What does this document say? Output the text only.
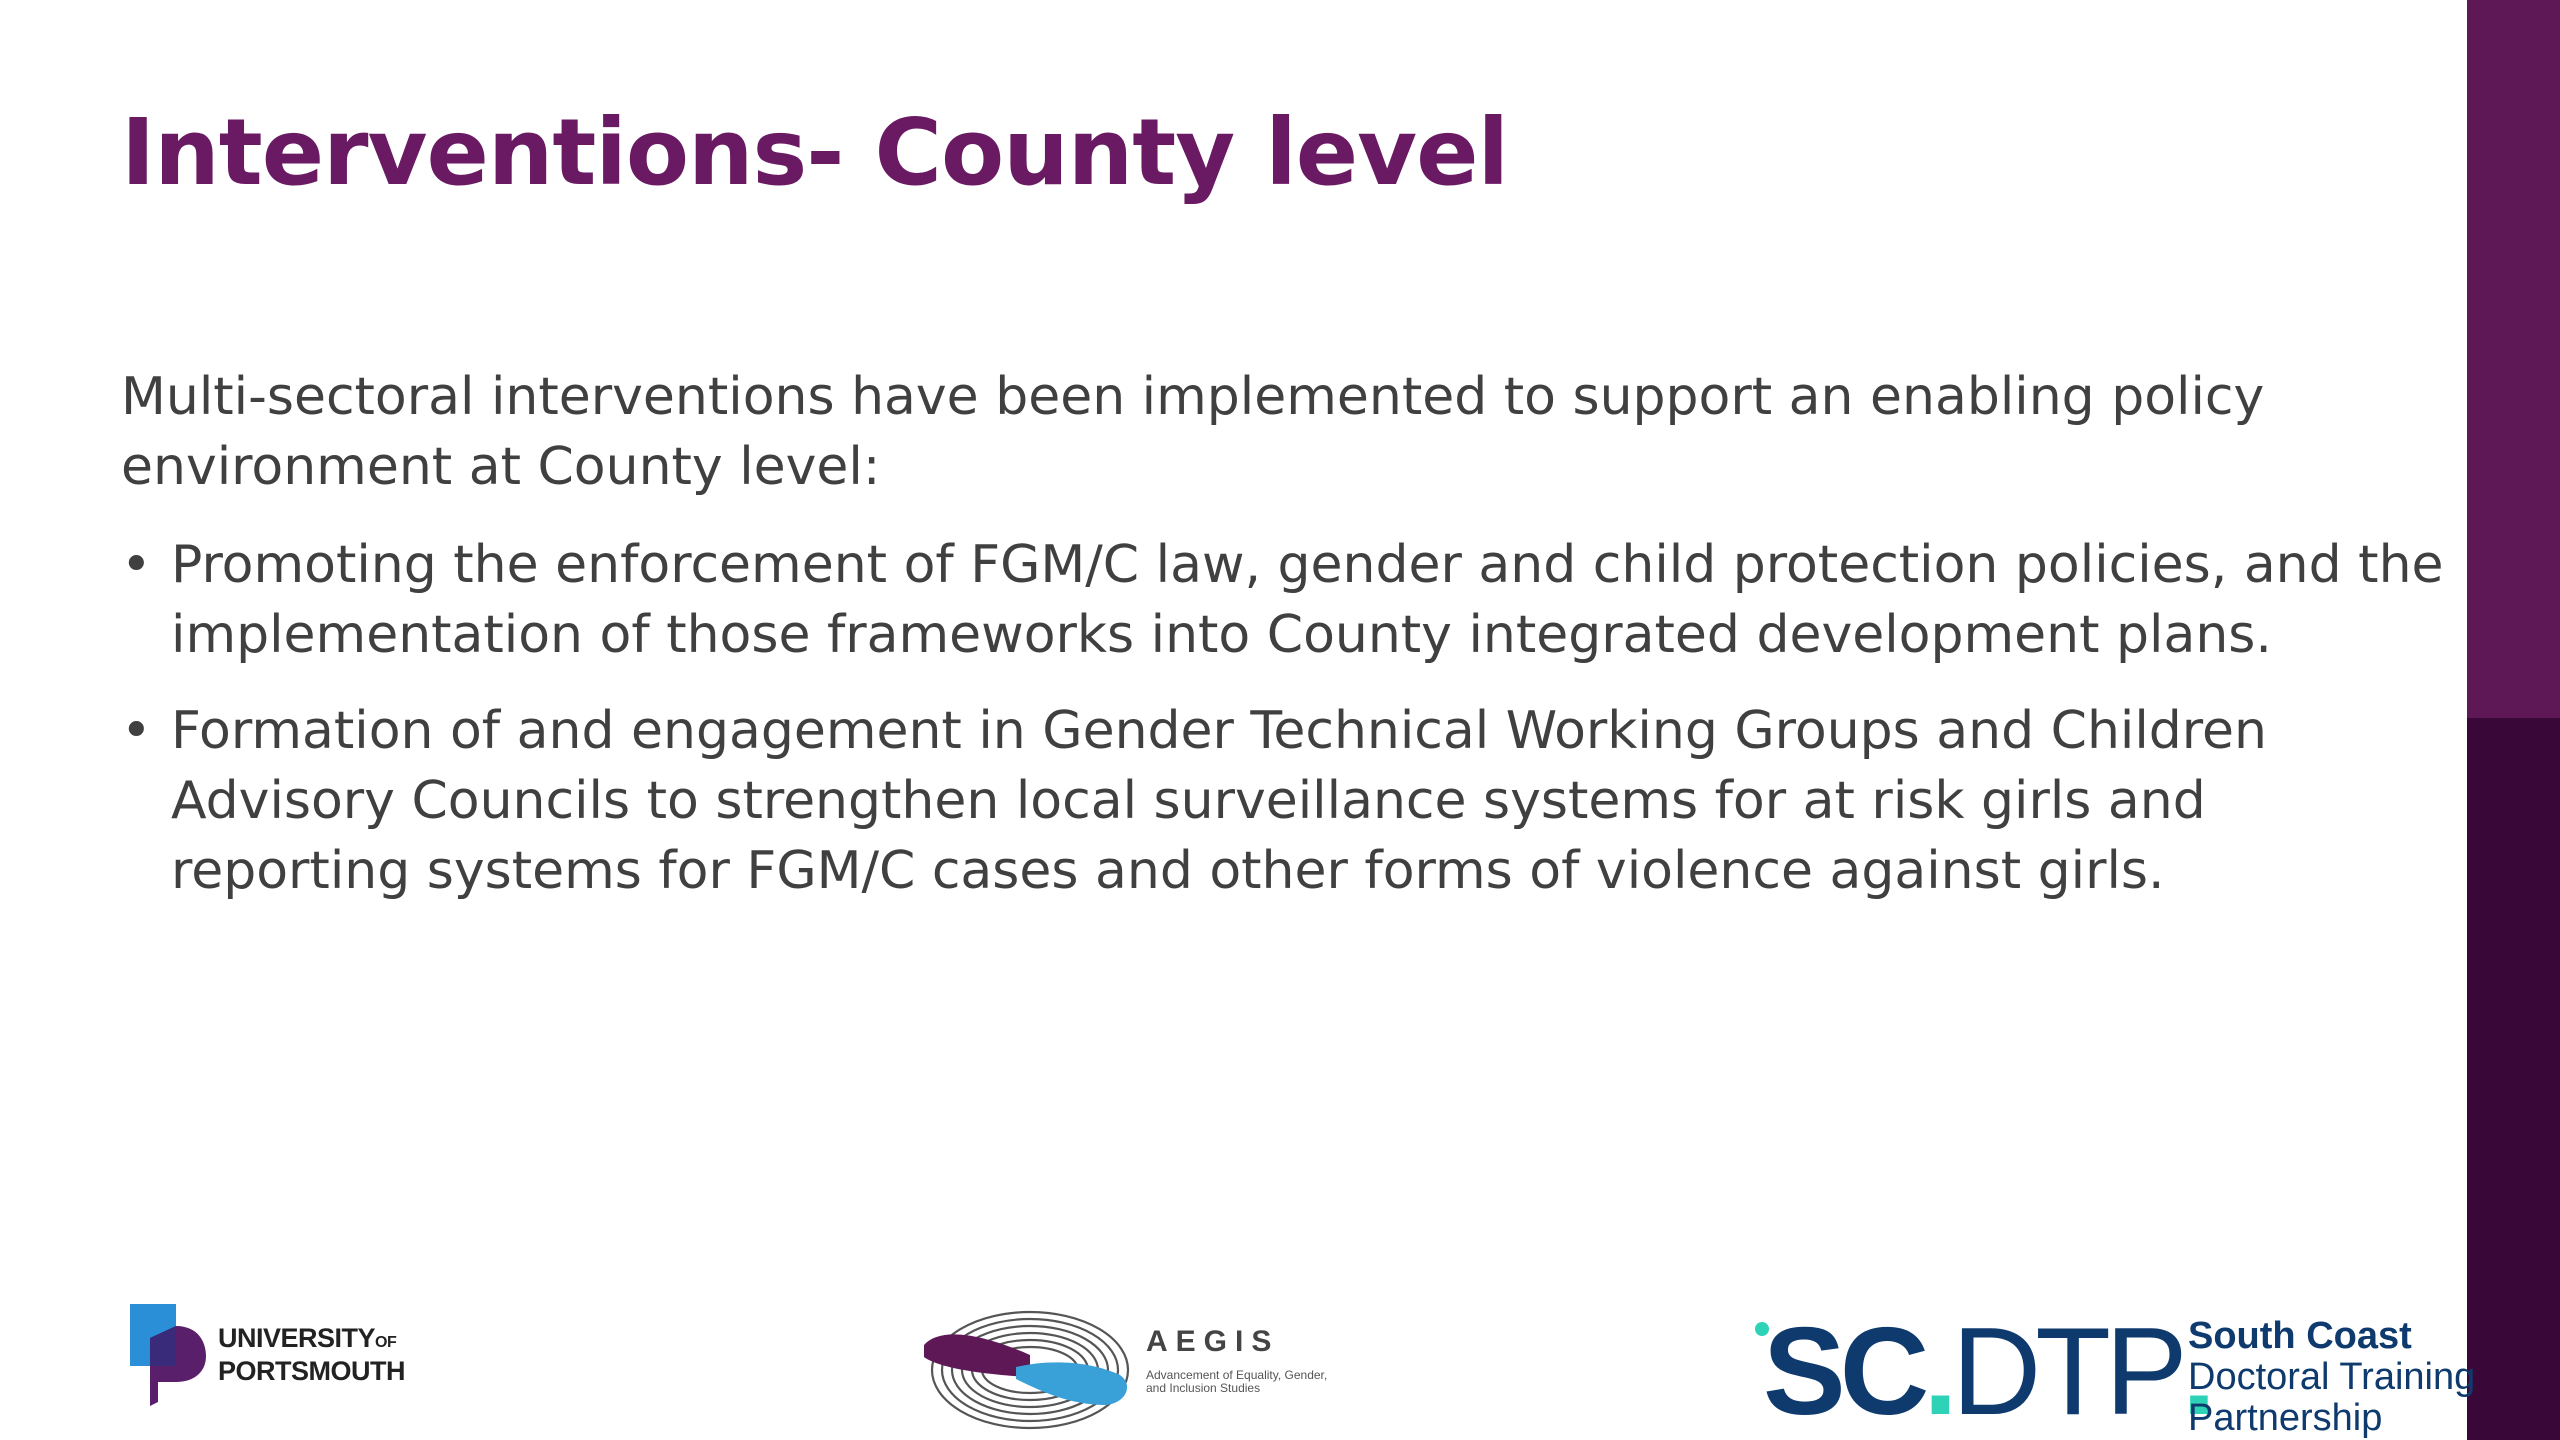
Interventions- County level

Multi-sectoral interventions have been implemented to support an enabling policy environment at County level:

• Promoting the enforcement of FGM/C law, gender and child protection policies, and the implementation of those frameworks into County integrated development plans.
• Formation of and engagement in Gender Technical Working Groups and Children Advisory Councils to strengthen local surveillance systems for at risk girls and reporting systems for FGM/C cases and other forms of violence against girls.
UNIVERSITYOF
PORTSMOUTH
AEGIS
Advancement of Equality, Gender, and Inclusion Studies	SC.DTP.
South Coast
Doctoral Training
Partnership
